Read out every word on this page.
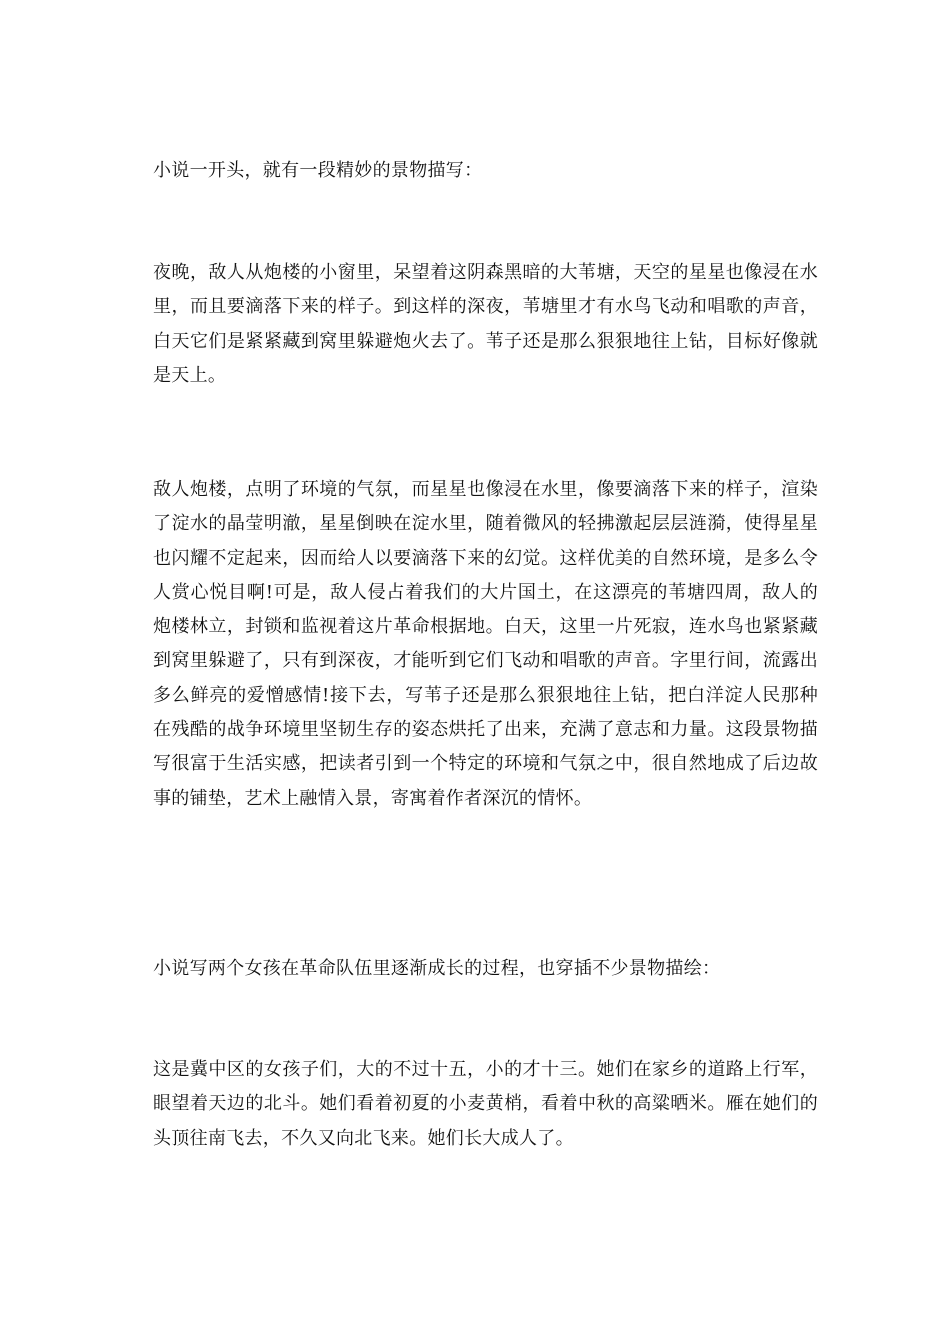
小说一开头，就有一段精妙的景物描写：

夜晚，敌人从炮楼的小窗里，呆望着这阴森黑暗的大苇塘，天空的星星也像浸在水里，而且要滴落下来的样子。到这样的深夜，苇塘里才有水鸟飞动和唱歌的声音，白天它们是紧紧藏到窝里躲避炮火去了。苇子还是那么狠狠地往上钻，目标好像就是天上。

敌人炮楼，点明了环境的气氛，而星星也像浸在水里，像要滴落下来的样子，渲染了淀水的晶莹明澈，星星倒映在淀水里，随着微风的轻拂激起层层涟漪，使得星星也闪耀不定起来，因而给人以要滴落下来的幻觉。这样优美的自然环境，是多么令人赏心悦目啊!可是，敌人侵占着我们的大片国土，在这漂亮的苇塘四周，敌人的炮楼林立，封锁和监视着这片革命根据地。白天，这里一片死寂，连水鸟也紧紧藏到窝里躲避了，只有到深夜，才能听到它们飞动和唱歌的声音。字里行间，流露出多么鲜亮的爱憎感情!接下去，写苇子还是那么狠狠地往上钻，把白洋淀人民那种在残酷的战争环境里坚韧生存的姿态烘托了出来，充满了意志和力量。这段景物描写很富于生活实感，把读者引到一个特定的环境和气氛之中，很自然地成了后边故事的铺垫，艺术上融情入景，寄寓着作者深沉的情怀。

小说写两个女孩在革命队伍里逐渐成长的过程，也穿插不少景物描绘：

这是冀中区的女孩子们，大的不过十五，小的才十三。她们在家乡的道路上行军，眼望着天边的北斗。她们看着初夏的小麦黄梢，看着中秋的高粱晒米。雁在她们的头顶往南飞去，不久又向北飞来。她们长大成人了。
